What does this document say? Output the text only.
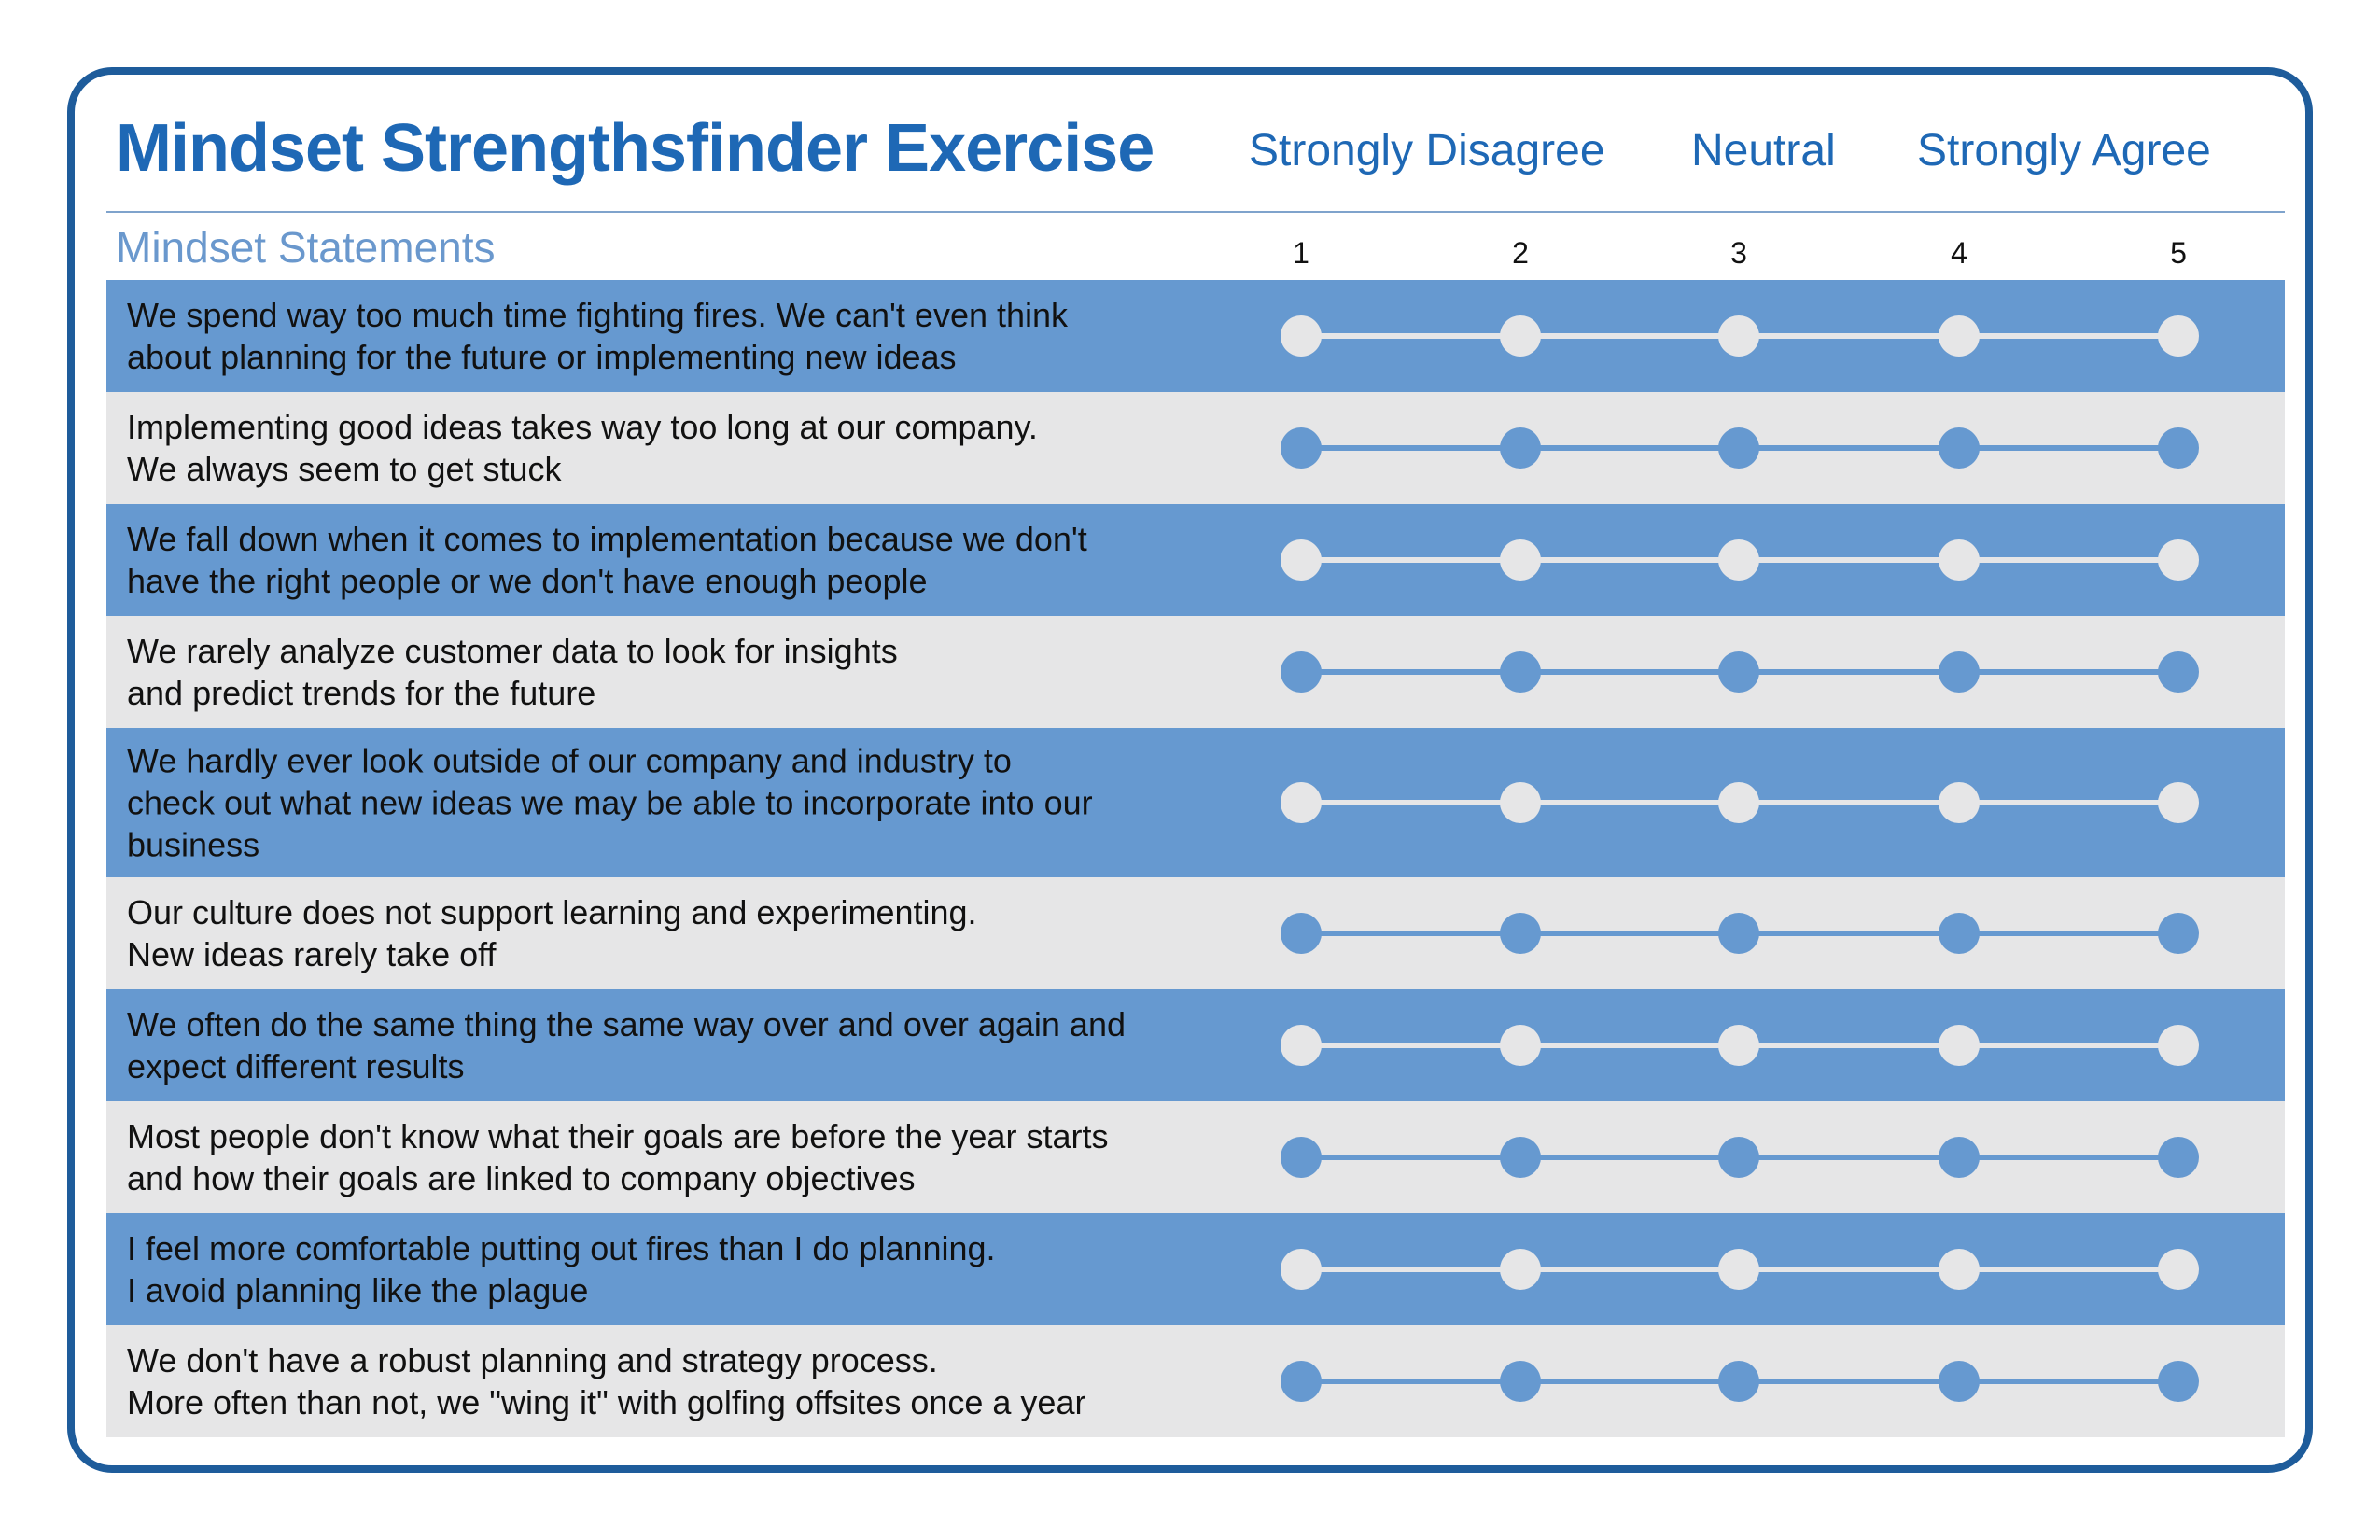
Mindset Strengthsfinder Exercise Strongly Disagree Neutral Strongly Agree
Mindset Statements	1	2	3	4	5
We spend way too much time fighting fires. We can't even think
about planning for the future or implementing new ideas
Implementing good ideas takes way too long at our company.
We always seem to get stuck
We fall down when it comes to implementation because we don't
have the right people or we don't have enough people
We rarely analyze customer data to look for insights
and predict trends for the future
We hardly ever look outside of our company and industry to
check out what new ideas we may be able to incorporate into our
business
Our culture does not support learning and experimenting.
New ideas rarely take off
We often do the same thing the same way over and over again and
expect different results
Most people don't know what their goals are before the year starts
and how their goals are linked to company objectives
I feel more comfortable putting out fires than I do planning.
I avoid planning like the plague
We don't have a robust planning and strategy process.
More often than not, we "wing it" with golfing offsites once a year
